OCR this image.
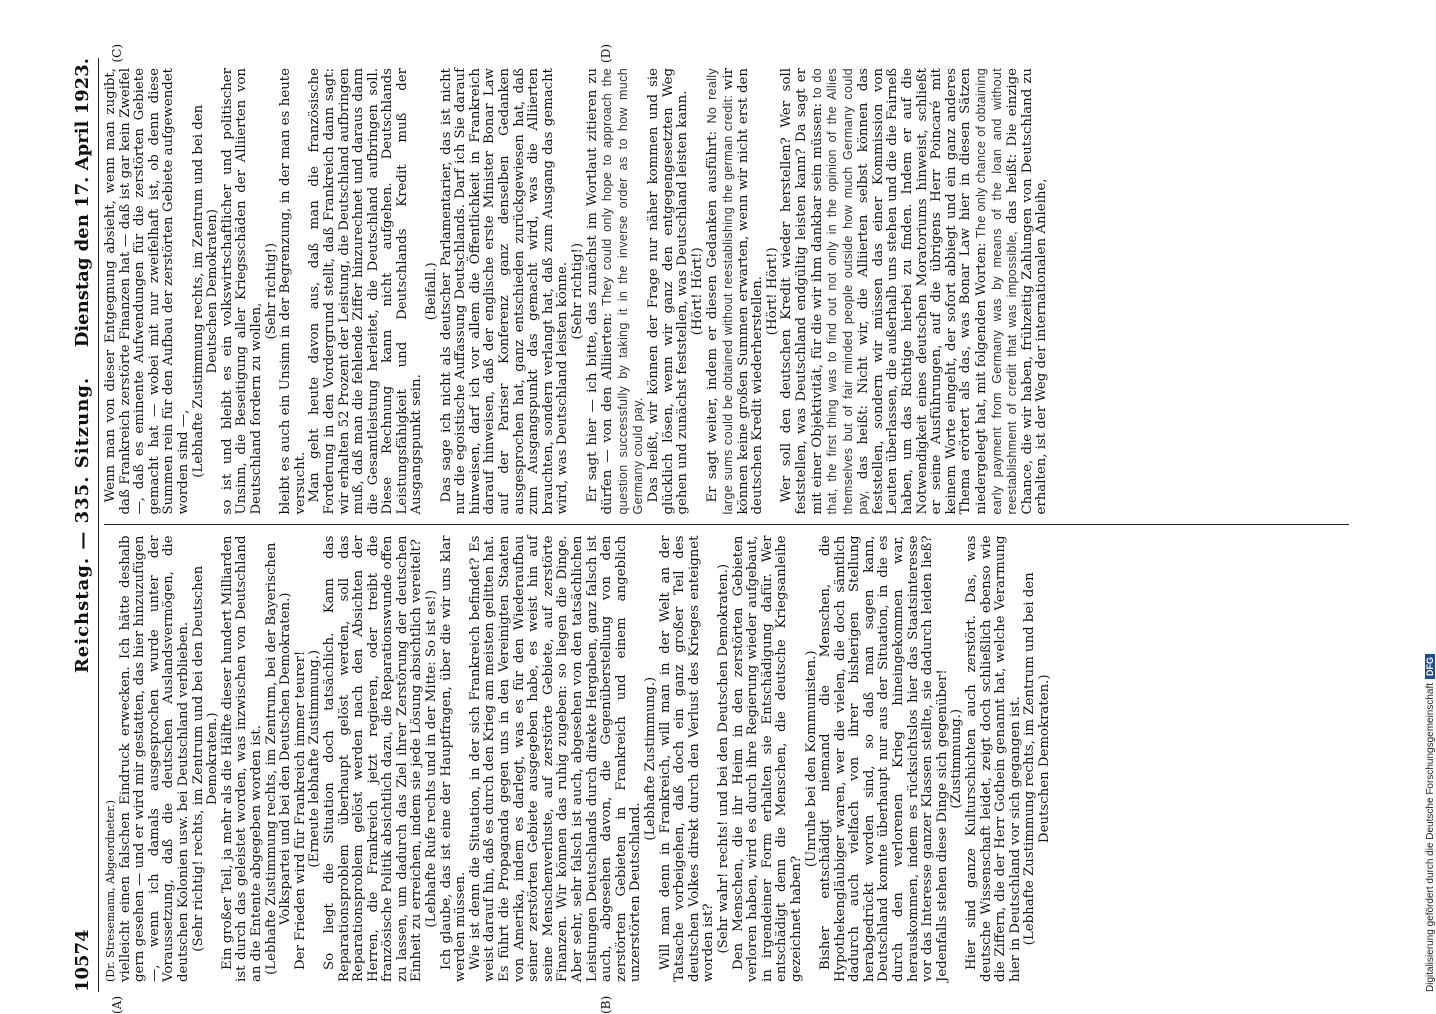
10574
Reichstag. — 335. Sitzung.
Dienstag den 17. April 1923.
(A)	(B)

(Dr. Stresemann, Abgeordneter.) vielleicht einen falschen Eindruck erwecken. Ich hätte deshalb gern gesehen — und er wird mir gestatten, das hier hinzuzufügen —, wenn ich damals ausgesprochen wurde unter der Voraussetzung, daß die deutschen Auslandsvermögen, die deutschen Kolonien usw. bei Deutschland verblieben. (Sehr richtig! rechts, im Zentrum und bei den Deutschen Demokraten.) Ein großer Teil, ja mehr als die Hälfte dieser hundert Milliarden ist durch das geleistet worden, was inzwischen von Deutschland an die Entente abgegeben worden ist. (Lebhafte Zustimmung rechts, im Zentrum, bei der Bayerischen Volkspartei und bei den Deutschen Demokraten.) Der Frieden wird für Frankreich immer teurer! (Erneute lebhafte Zustimmung.) So liegt die Situation doch tatsächlich. Kann das Reparationsproblem überhaupt gelöst werden, soll das Reparationsproblem gelöst werden nach den Absichten der Herren, die Frankreich jetzt regieren, oder treibt die französische Politik absichtlich dazu, die Reparationswunde offen zu lassen, um dadurch das Ziel ihrer Zerstörung der deutschen Einheit zu erreichen, indem sie jede Lösung absichtlich vereitelt? (Lebhafte Rufe rechts und in der Mitte: So ist es!) Ich glaube, das ist eine der Hauptfragen, über die wir uns klar werden müssen. Wie ist denn die Situation, in der sich Frankreich befindet? Es weist darauf hin, daß es durch den Krieg am meisten gelitten hat. Es führt die Propaganda gegen uns in den Vereinigten Staaten von Amerika, indem es darlegt, was es für den Wiederaufbau seiner zerstörten Gebiete ausgegeben habe, es weist hin auf seine Menschenverluste, auf zerstörte Gebiete, auf zerstörte Finanzen. Wir können das ruhig zugeben: so liegen die Dinge. Aber sehr, sehr falsch ist auch, abgesehen von den tatsächlichen Leistungen Deutschlands durch direkte Hergaben, ganz falsch ist auch, abgesehen davon, die Gegenüberstellung von den zerstörten Gebieten in Frankreich und einem angeblich unzerstörten Deutschland.

(Lebhafte Zustimmung.) Will man denn in Frankreich, will man in der Welt an der Tatsache vorbeigehen, daß doch ein ganz großer Teil des deutschen Volkes direkt durch den Verlust des Krieges enteignet worden ist? (Sehr wahr! rechts! und bei den Deutschen Demokraten.) Den Menschen, die ihr Heim in den zerstörten Gebieten verloren haben, wird es durch ihre Regierung wieder aufgebaut, in irgendeiner Form erhalten sie Entschädigung dafür. Wer entschädigt denn die Menschen, die deutsche Kriegsanleihe gezeichnet haben?

(Unruhe bei den Kommunisten.) Bisher entschädigt niemand die Menschen, die Hypothekengläubiger waren, wer die vielen, die doch sämtlich dadurch auch vielfach von ihrer bisherigen Stellung herabgedrückt worden sind, so daß man sagen kann, Deutschland konnte überhaupt nur aus der Situation, in die es durch den verlorenen Krieg hineingekommen war, herauskommen, indem es rücksichtslos hier das Staatsinteresse vor das Interesse ganzer Klassen stellte, sie dadurch leiden ließ? Jedenfalls stehen diese Dinge sich gegenüber! (Zustimmung.) Hier sind ganze Kulturschichten auch zerstört. Das, was deutsche Wissenschaft leidet, zeigt doch schließlich ebenso wie die Ziffern, die der Herr Gothein genannt hat, welche Verarmung hier in Deutschland vor sich gegangen ist. (Lebhafte Zustimmung rechts, im Zentrum und bei den Deutschen Demokraten.)

(C)	(D)

Wenn man von dieser Entgegnung absieht, wenn man zugibt, daß Frankreich zerstörte Finanzen hat — daß ist gar kein Zweifel —, daß es eminente Aufwendungen für die zerstörten Gebiete gemacht hat — wobei mit nur zweifelhaft ist, ob denn diese Summen rein für den Aufbau der zerstörten Gebiete aufgewendet worden sind —, (Lebhafte Zustimmung rechts, im Zentrum und bei den Deutschen Demokraten) so ist und bleibt es ein volkswirtschaftlicher und politischer Unsinn, die Beseitigung aller Kriegsschäden der Alliierten von Deutschland fordern zu wollen,

(Sehr richtig!) bleibt es auch ein Unsinn in der Begrenzung, in der man es heute versucht. Man geht heute davon aus, daß man die französische Forderung in den Vordergrund stellt, daß Frankreich dann sagt: wir erhalten 52 Prozent der Leistung, die Deutschland aufbringen muß, daß man die fehlende Ziffer hinzurechnet und daraus dann die Gesamtleistung herleitet, die Deutschland aufbringen soll. Diese Rechnung kann nicht aufgehen. Deutschlands Leistungsfähigkeit und Deutschlands Kredit muß der Ausgangspunkt sein.

(Beifall.) Das sage ich nicht als deutscher Parlamentarier, das ist nicht nur die egoistische Auffassung Deutschlands. Darf ich Sie darauf hinweisen, darf ich vor allem die Öffentlichkeit in Frankreich darauf hinweisen, daß der englische erste Minister Bonar Law auf der Pariser Konferenz ganz denselben Gedanken ausgesprochen hat, ganz entschieden zurückgewiesen hat, daß zum Ausgangspunkt das gemacht wird, was die Alliierten brauchten, sondern verlangt hat, daß zum Ausgang das gemacht wird, was Deutschland leisten könne. (Sehr richtig!) Er sagt hier — ich bitte, das zunächst im Wortlaut zitieren zu dürfen — von den Alliierten: They could only hope to approach the question successfully by taking it in the inverse order as to how much Germany could pay. Das heißt, wir können der Frage nur näher kommen und sie glücklich lösen, wenn wir ganz den entgegengesetzten Weg gehen und zunächst feststellen, was Deutschland leisten kann. (Hört! Hört!) Er sagt weiter, indem er diesen Gedanken ausführt: No really large sums could be obtained without reestablishing the german credit: wir können keine großen Summen erwarten, wenn wir nicht erst den deutschen Kredit wiederherstellen. (Hört! Hört!) Wer soll den deutschen Kredit wieder herstellen? Wer soll feststellen, was Deutschland endgültig leisten kann? Da sagt er mit einer Objektivität, für die wir ihm dankbar sein müssen: to do that, the first thing was to find out not only in the opinion of the Allies themselves but of fair minded people outside how much Germany could pay, das heißt: Nicht wir, die Alliierten selbst können das feststellen, sondern wir müssen das einer Kommission von Leuten überlassen, die außerhalb uns stehen und die die Fairneß haben, um das Richtige hierbei zu finden. Indem er auf die Notwendigkeit eines deutschen Moratoriums hinweist, schließt er seine Ausführungen, auf die übrigens Herr Poincaré mit keinem Worte eingeht, der sofort abbiegt und ein ganz anderes Thema erörtert als das, was Bonar Law hier in diesen Sätzen niedergelegt hat, mit folgenden Worten: The only chance of obtaining early payment from Germany was by means of the loan and without reestablishment of credit that was impossible, das heißt: Die einzige Chance, die wir haben, frühzeitig Zahlungen von Deutschland zu erhalten, ist der Weg der internationalen Anleihe,

Digitalisierung gefördert durch die Deutsche ForschungsgemeinschaftDFG
